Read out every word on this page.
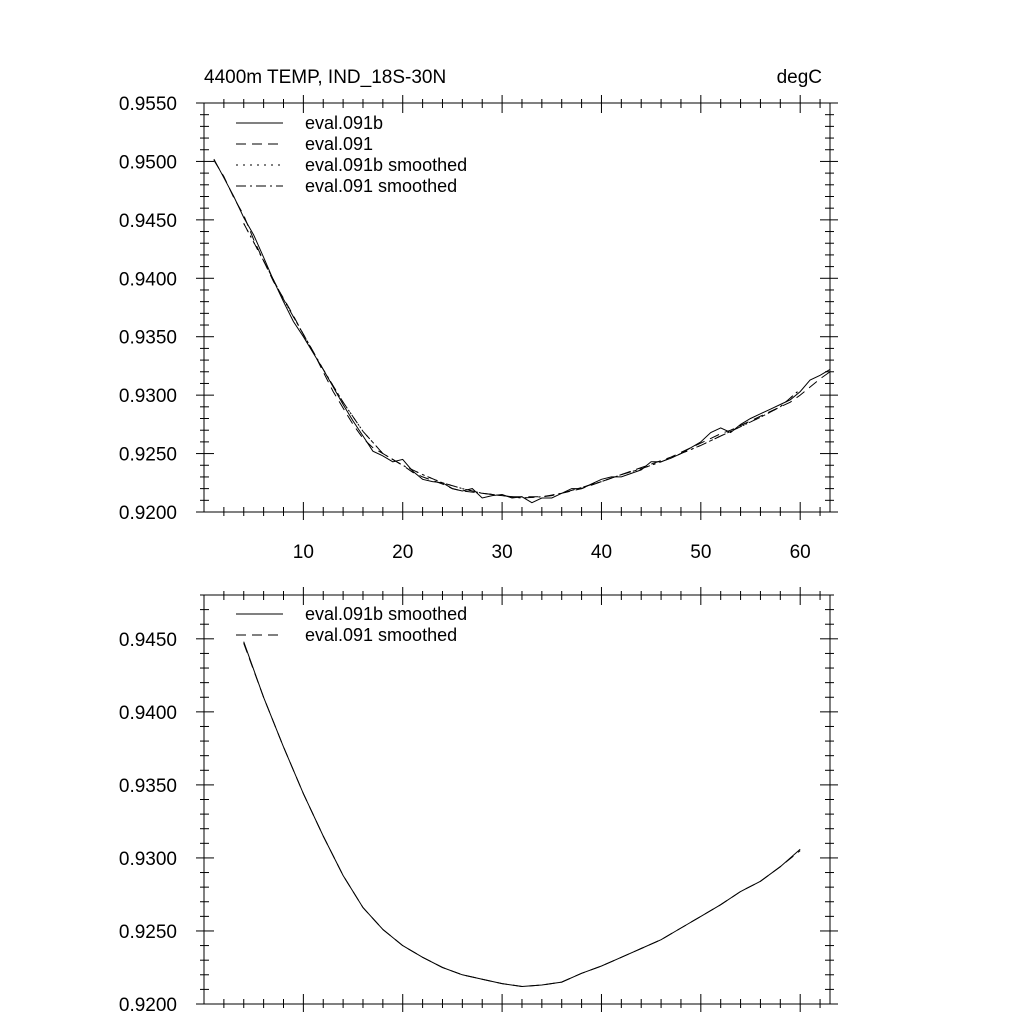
4400m TEMP, IND_18S-30N	degC
0.9200
0.9250
0.9300
0.9350
0.9400
0.9450
0.9500
0.9550
10	20	30	40	50	60
eval.091b
eval.091
eval.091b smoothed
eval.091 smoothed
0.9200
0.9250
0.9300
0.9350
0.9400
0.9450
eval.091b smoothed
eval.091 smoothed
